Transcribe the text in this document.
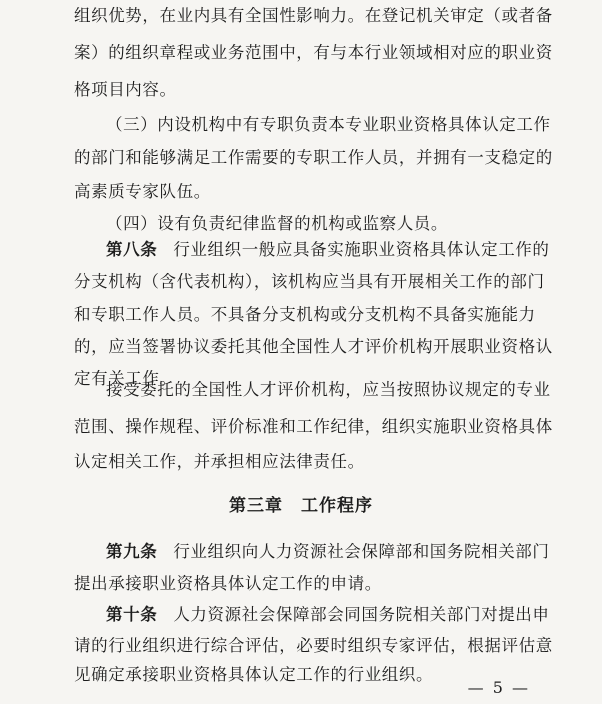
组织优势，在业内具有全国性影响力。在登记机关审定（或者备
案）的组织章程或业务范围中，有与本行业领域相对应的职业资
格项目内容。
（三）内设机构中有专职负责本专业职业资格具体认定工作
的部门和能够满足工作需要的专职工作人员，并拥有一支稳定的
高素质专家队伍。
（四）设有负责纪律监督的机构或监察人员。
第八条 行业组织一般应具备实施职业资格具体认定工作的
分支机构（含代表机构），该机构应当具有开展相关工作的部门
和专职工作人员。不具备分支机构或分支机构不具备实施能力
的，应当签署协议委托其他全国性人才评价机构开展职业资格认
定有关工作。
接受委托的全国性人才评价机构，应当按照协议规定的专业
范围、操作规程、评价标准和工作纪律，组织实施职业资格具体
认定相关工作，并承担相应法律责任。
第三章　工作程序
第九条 行业组织向人力资源社会保障部和国务院相关部门
提出承接职业资格具体认定工作的申请。
第十条 人力资源社会保障部会同国务院相关部门对提出申
请的行业组织进行综合评估，必要时组织专家评估，根据评估意
见确定承接职业资格具体认定工作的行业组织。
— 5 —
